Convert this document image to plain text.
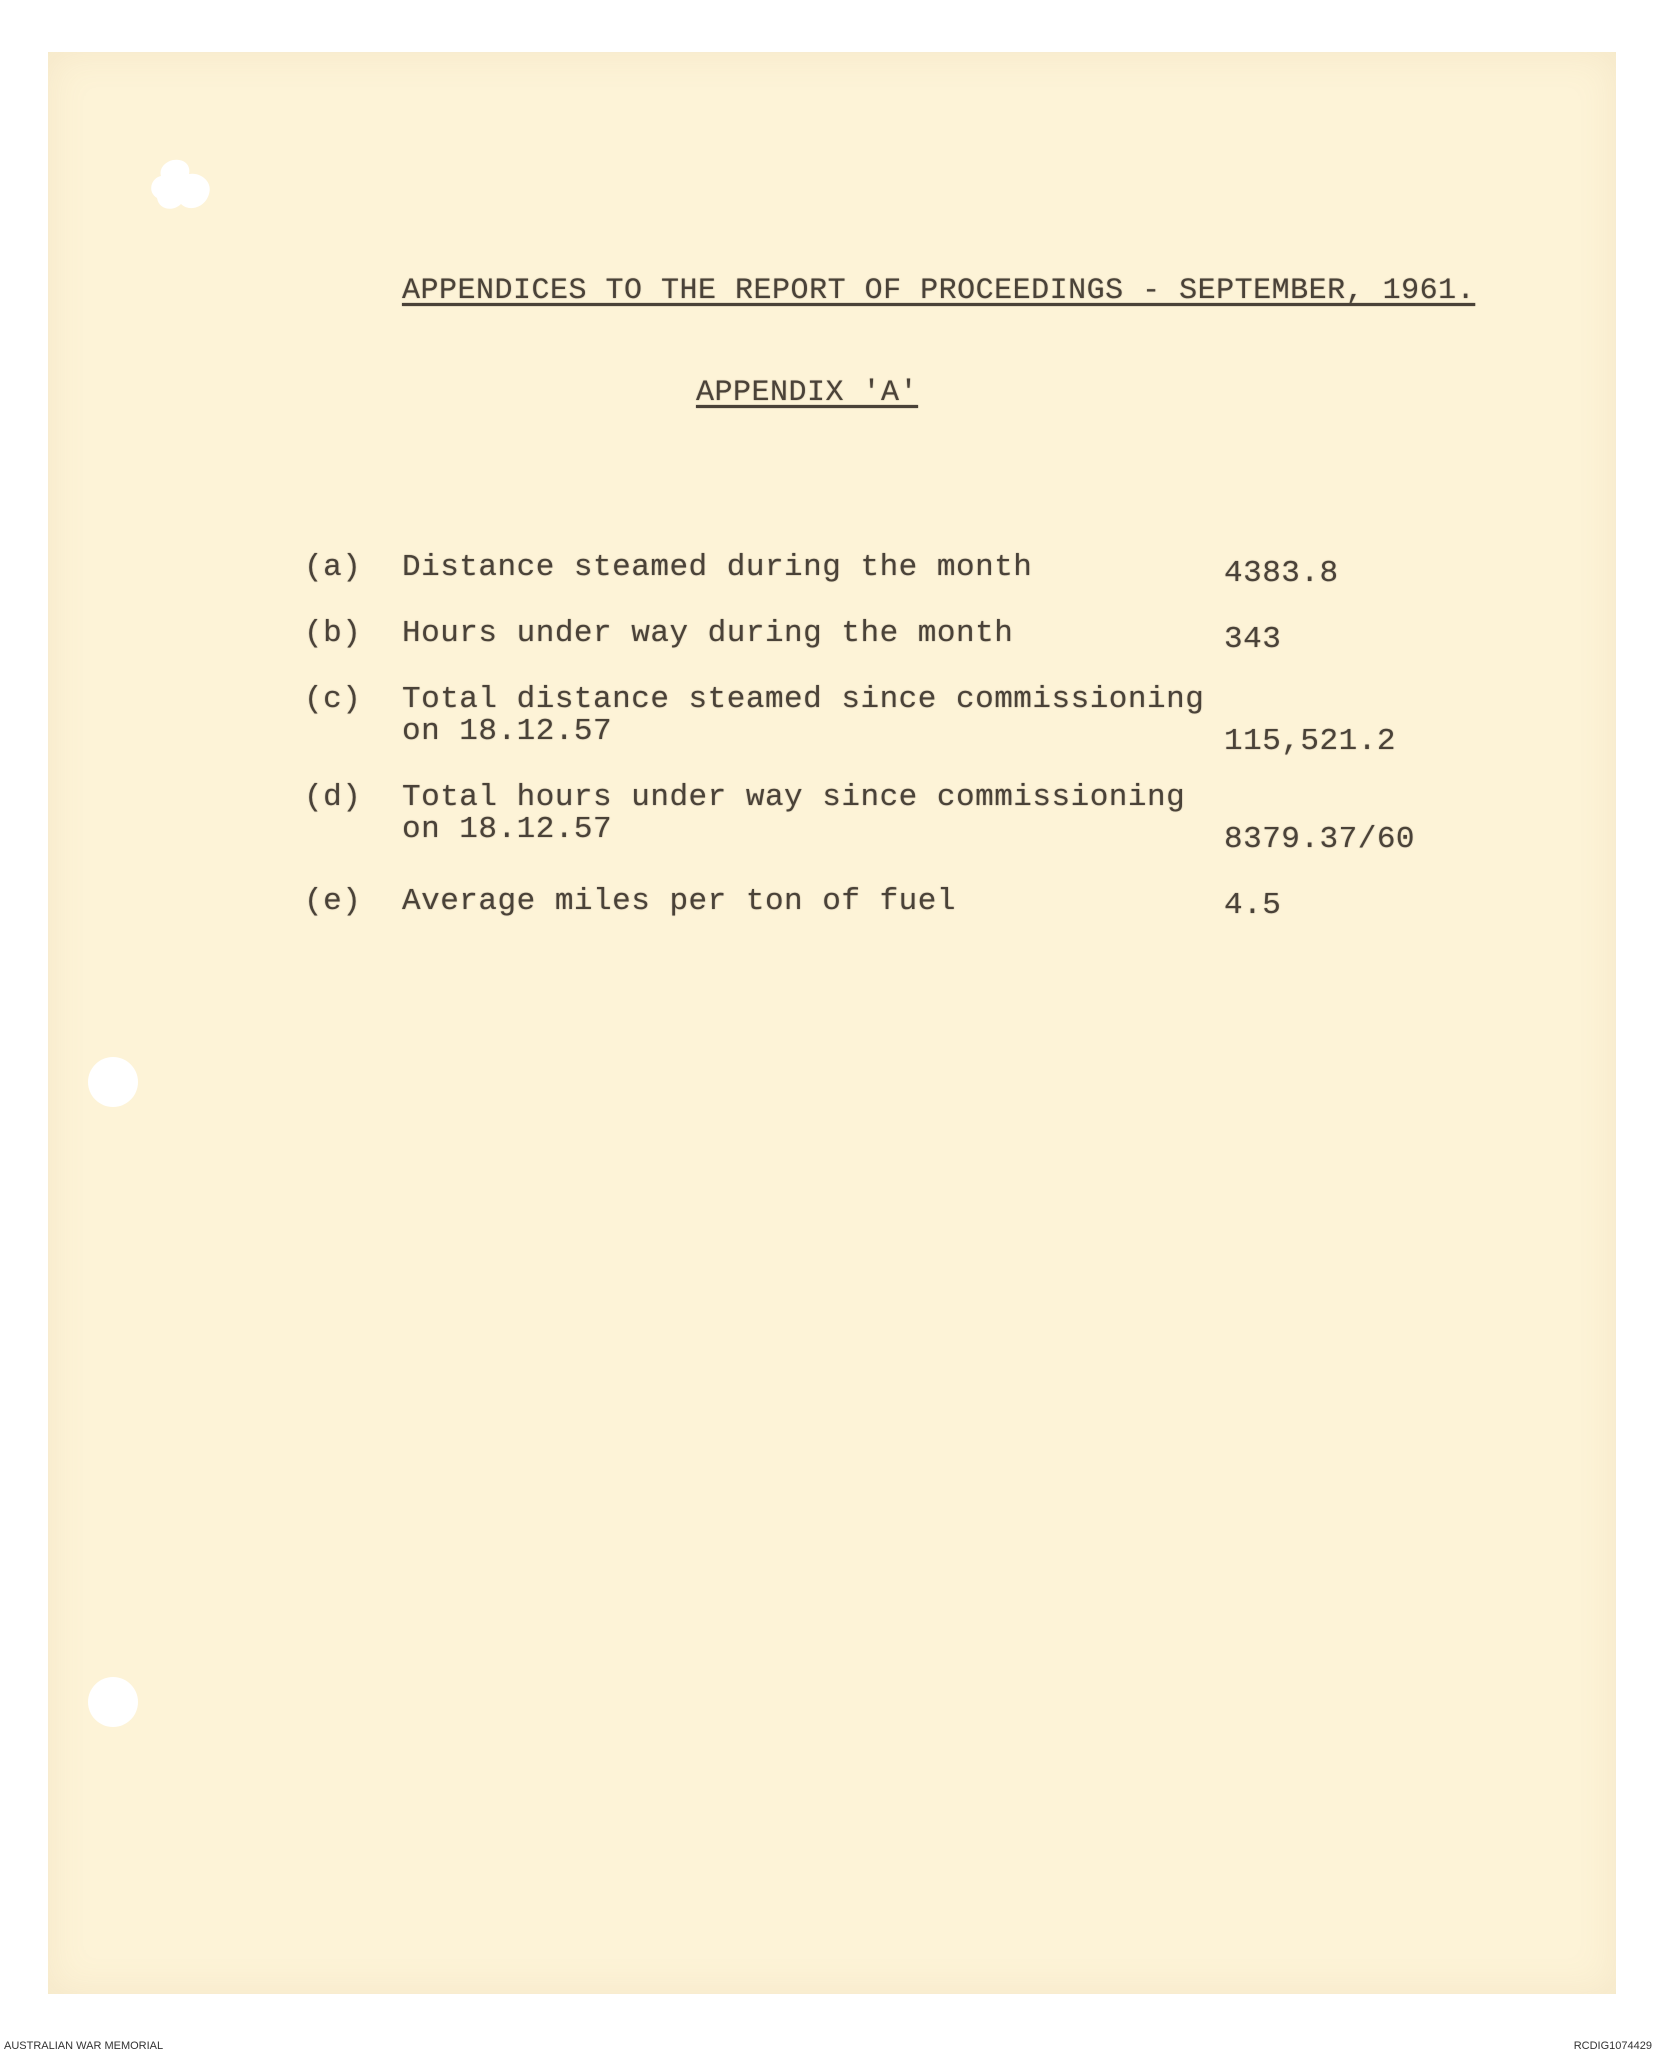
APPENDICES TO THE REPORT OF PROCEEDINGS - SEPTEMBER, 1961.
APPENDIX 'A'
(a) Distance steamed during the month	4383.8
(b) Hours under way during the month	343
(c) Total distance steamed since commissioning
on 18.12.57	115,521.2
(d) Total hours under way since commissioning
on 18.12.57	8379.37/60
(e) Average miles per ton of fuel	4.5
AUSTRALIAN WAR MEMORIAL	RCDIG1074429
